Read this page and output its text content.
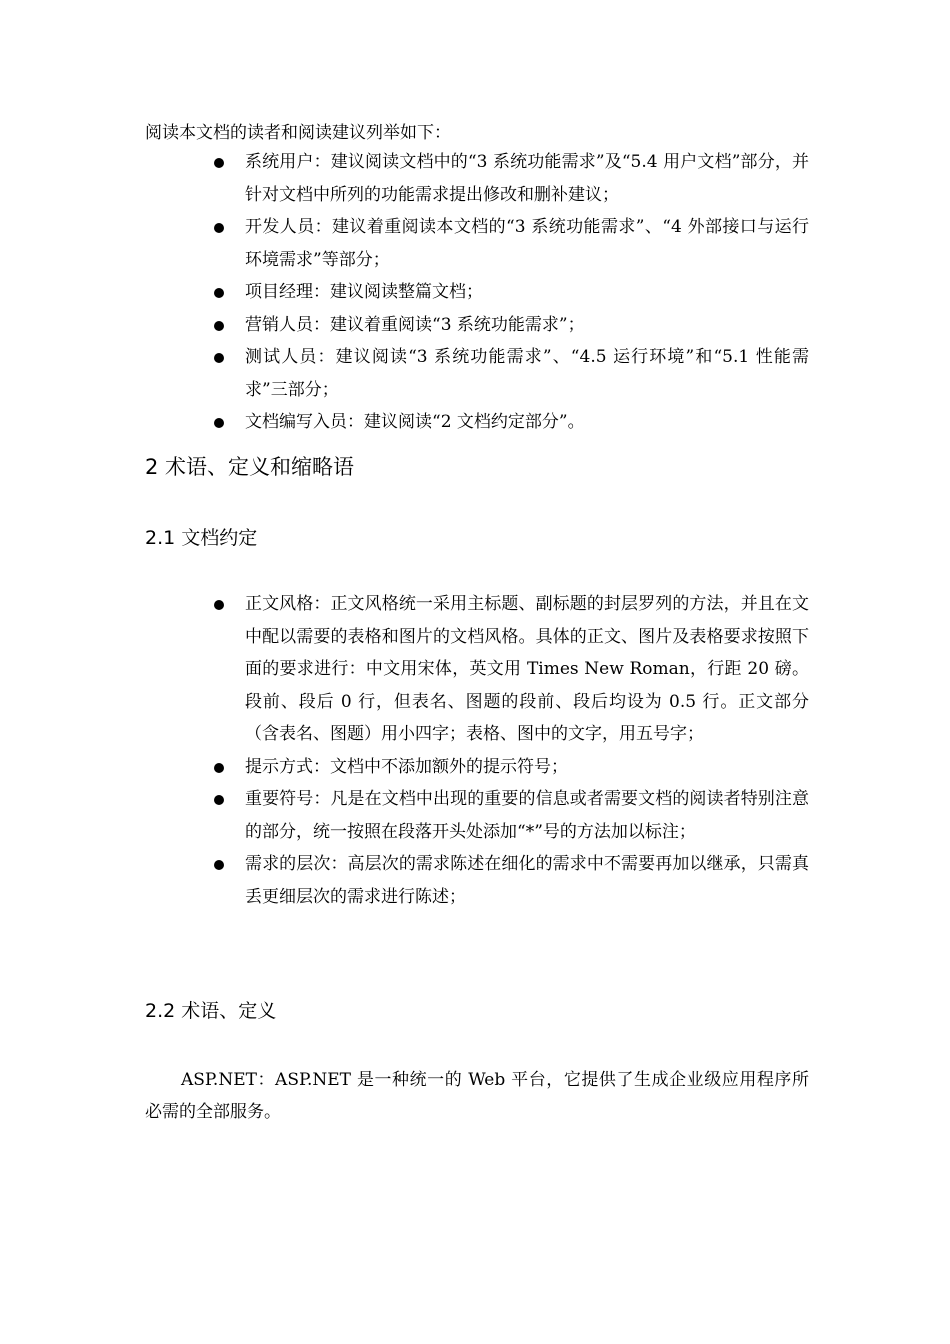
阅读本文档的读者和阅读建议列举如下：

系统用户：建议阅读文档中的“3 系统功能需求”及“5.4 用户文档”部分，并针对文档中所列的功能需求提出修改和删补建议；
开发人员：建议着重阅读本文档的“3 系统功能需求”、“4 外部接口与运行环境需求”等部分；
项目经理：建议阅读整篇文档；
营销人员：建议着重阅读“3 系统功能需求”；
测试人员：建议阅读“3 系统功能需求”、“4.5 运行环境”和“5.1 性能需求”三部分；
文档编写入员：建议阅读“2 文档约定部分”。
2 术语、定义和缩略语
2.1 文档约定
正文风格：正文风格统一采用主标题、副标题的封层罗列的方法，并且在文中配以需要的表格和图片的文档风格。具体的正文、图片及表格要求按照下面的要求进行：中文用宋体，英文用 Times New Roman，行距 20 磅。段前、段后 0 行，但表名、图题的段前、段后均设为 0.5 行。正文部分（含表名、图题）用小四字；表格、图中的文字，用五号字；
提示方式：文档中不添加额外的提示符号；
重要符号：凡是在文档中出现的重要的信息或者需要文档的阅读者特别注意的部分，统一按照在段落开头处添加“*”号的方法加以标注；
需求的层次：高层次的需求陈述在细化的需求中不需要再加以继承，只需真丢更细层次的需求进行陈述；
2.2 术语、定义

ASP.NET：ASP.NET 是一种统一的 Web 平台，它提供了生成企业级应用程序所必需的全部服务。
